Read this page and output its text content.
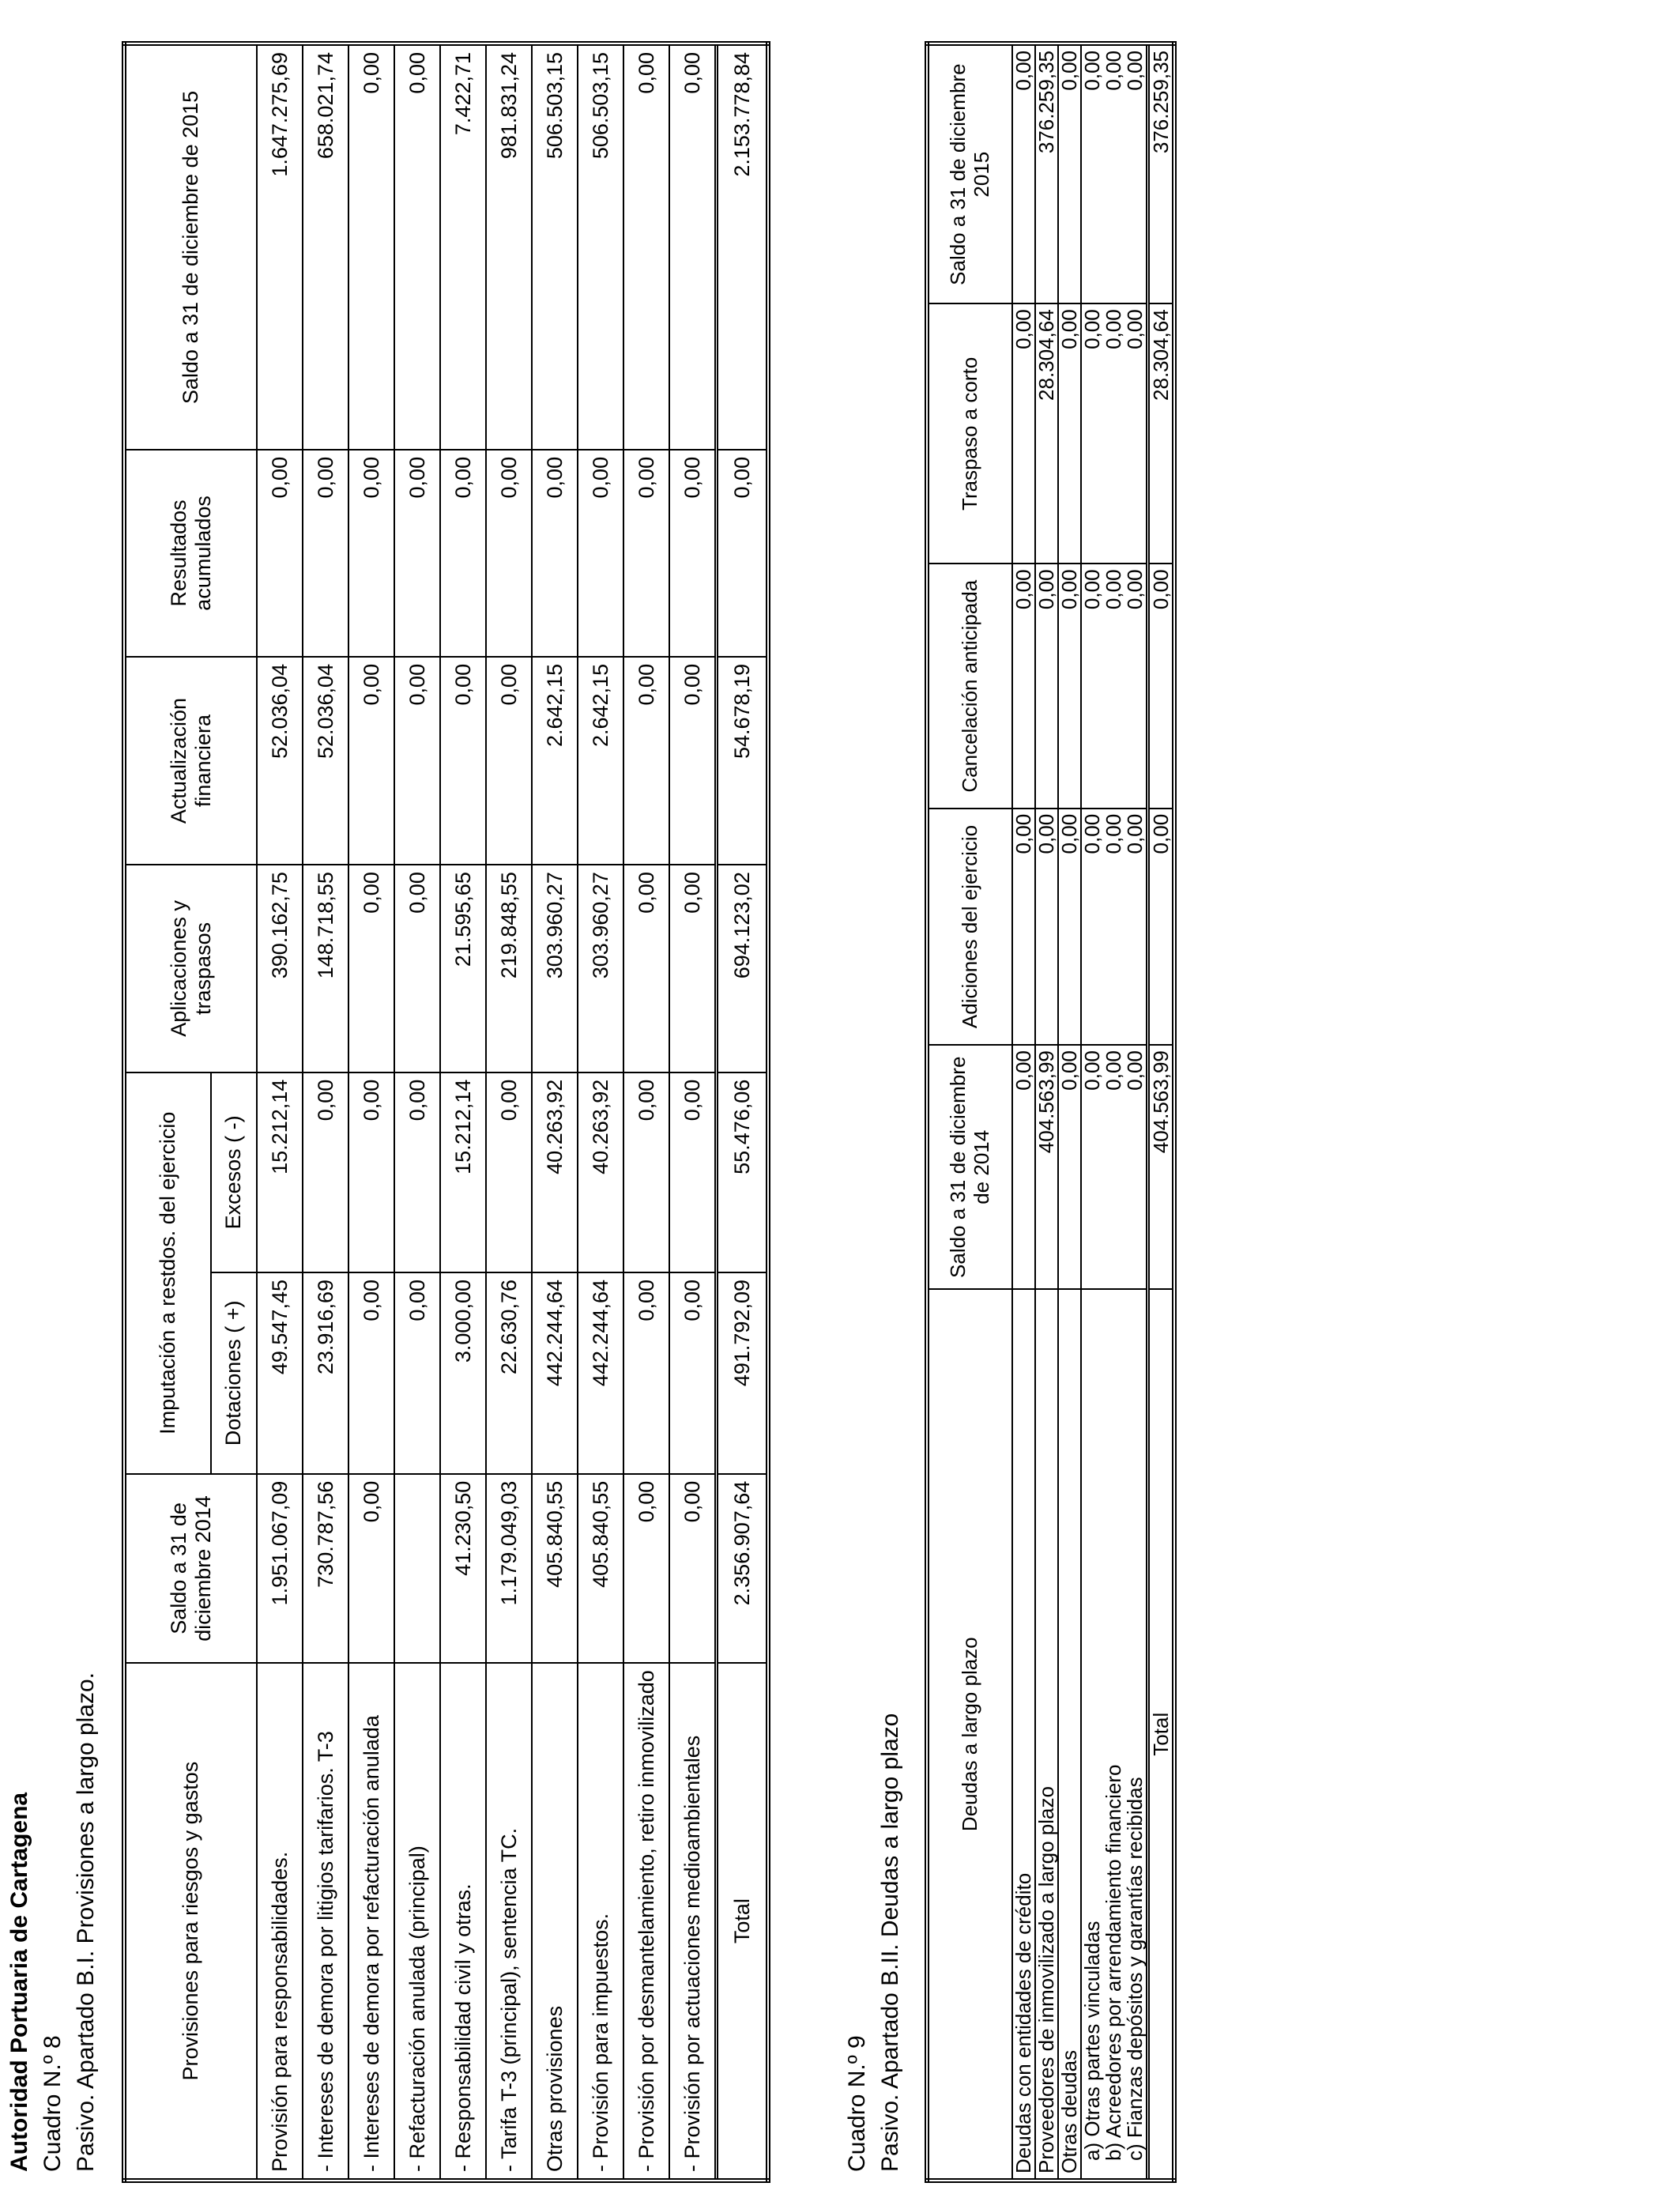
Autoridad Portuaria de Cartagena Cuadro N.º 8 Pasivo. Apartado B.I. Provisiones a largo plazo.	Provisiones para riesgos y gastos	Saldo a 31 de diciembre 2014	Imputación a restdos. del ejercicio		Aplicaciones y traspasos	Actualización financiera	Resultados acumulados	Saldo a 31 de diciembre de 2015
		Dotaciones ( +)	Excesos ( -)				
Provisión para responsabilidades.	1.951.067,09	49.547,45	15.212,14	390.162,75	52.036,04	0,00	1.647.275,69
- Intereses de demora por litigios tarifarios. T-3	730.787,56	23.916,69	0,00	148.718,55	52.036,04	0,00	658.021,74
- Intereses de demora por refacturación anulada	0,00	0,00	0,00	0,00	0,00	0,00	0,00
- Refacturación anulada (principal)		0,00	0,00	0,00	0,00	0,00	0,00
- Responsabilidad civil y otras.	41.230,50	3.000,00	15.212,14	21.595,65	0,00	0,00	7.422,71
- Tarifa T-3 (principal), sentencia TC.	1.179.049,03	22.630,76	0,00	219.848,55	0,00	0,00	981.831,24
Otras provisiones	405.840,55	442.244,64	40.263,92	303.960,27	2.642,15	0,00	506.503,15
- Provisión para impuestos.	405.840,55	442.244,64	40.263,92	303.960,27	2.642,15	0,00	506.503,15
- Provisión por desmantelamiento, retiro inmovilizado	0,00	0,00	0,00	0,00	0,00	0,00	0,00
- Provisión por actuaciones medioambientales	0,00	0,00	0,00	0,00	0,00	0,00	0,00
Total	2.356.907,64	491.792,09	55.476,06	694.123,02	54.678,19	0,00	2.153.778,84
Cuadro N.º 9 Pasivo. Apartado B.II. Deudas a largo plazo	Deudas a largo plazo	Saldo a 31 de diciembre de 2014	Adiciones del ejercicio	Cancelación anticipada	Traspaso a corto	Saldo a 31 de diciembre 2015
Deudas con entidades de crédito	0,00	0,00	0,00	0,00	0,00
Proveedores de inmovilizado a largo plazo	404.563,99	0,00	0,00	28.304,64	376.259,35
Otras deudas	0,00	0,00	0,00	0,00	0,00
a) Otras partes vinculadas	0,00	0,00	0,00	0,00	0,00
b) Acreedores por arrendamiento financiero	0,00	0,00	0,00	0,00	0,00
c) Fianzas depósitos y garantías recibidas	0,00	0,00	0,00	0,00	0,00
Total	404.563,99	0,00	0,00	28.304,64	376.259,35
